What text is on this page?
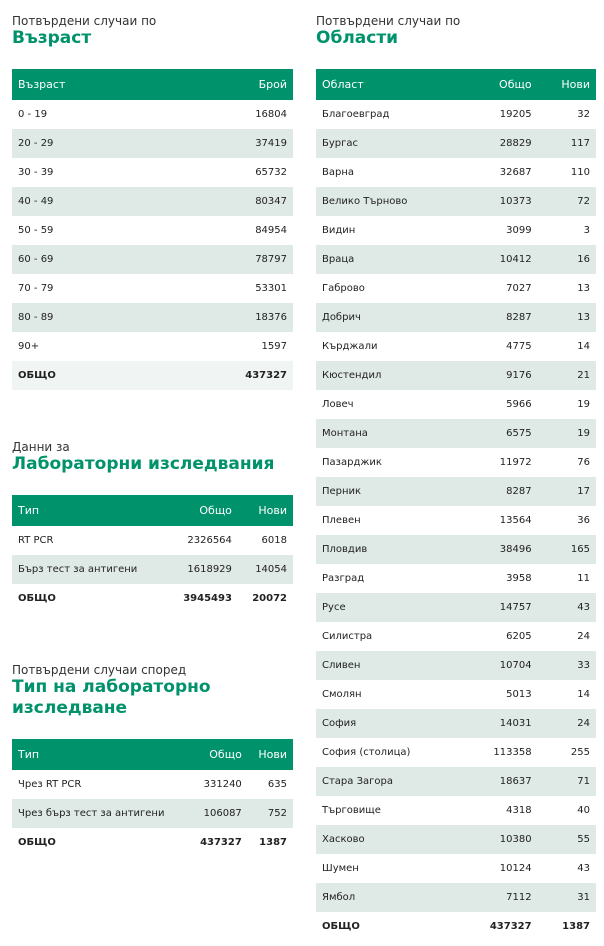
Потвърдени случаи по
Възраст
Възраст	Брой
0 - 19	16804
20 - 29	37419
30 - 39	65732
40 - 49	80347
50 - 59	84954
60 - 69	78797
70 - 79	53301
80 - 89	18376
90+	1597
ОБЩО	437327
Данни за
Лабораторни изследвания
Тип	Общо	Нови
RT PCR	2326564	6018
Бърз тест за антигени	1618929	14054
ОБЩО	3945493	20072
Потвърдени случаи според
Тип на лабораторно
изследване
Тип	Общо	Нови
Чрез RT PCR	331240	635
Чрез бърз тест за антигени	106087	752
ОБЩО	437327	1387
Потвърдени случаи по
Области
Област	Общо	Нови
Благоевград	19205	32
Бургас	28829	117
Варна	32687	110
Велико Търново	10373	72
Видин	3099	3
Враца	10412	16
Габрово	7027	13
Добрич	8287	13
Кърджали	4775	14
Кюстендил	9176	21
Ловеч	5966	19
Монтана	6575	19
Пазарджик	11972	76
Перник	8287	17
Плевен	13564	36
Пловдив	38496	165
Разград	3958	11
Русе	14757	43
Силистра	6205	24
Сливен	10704	33
Смолян	5013	14
София	14031	24
София (столица)	113358	255
Стара Загора	18637	71
Търговище	4318	40
Хасково	10380	55
Шумен	10124	43
Ямбол	7112	31
ОБЩО	437327	1387
